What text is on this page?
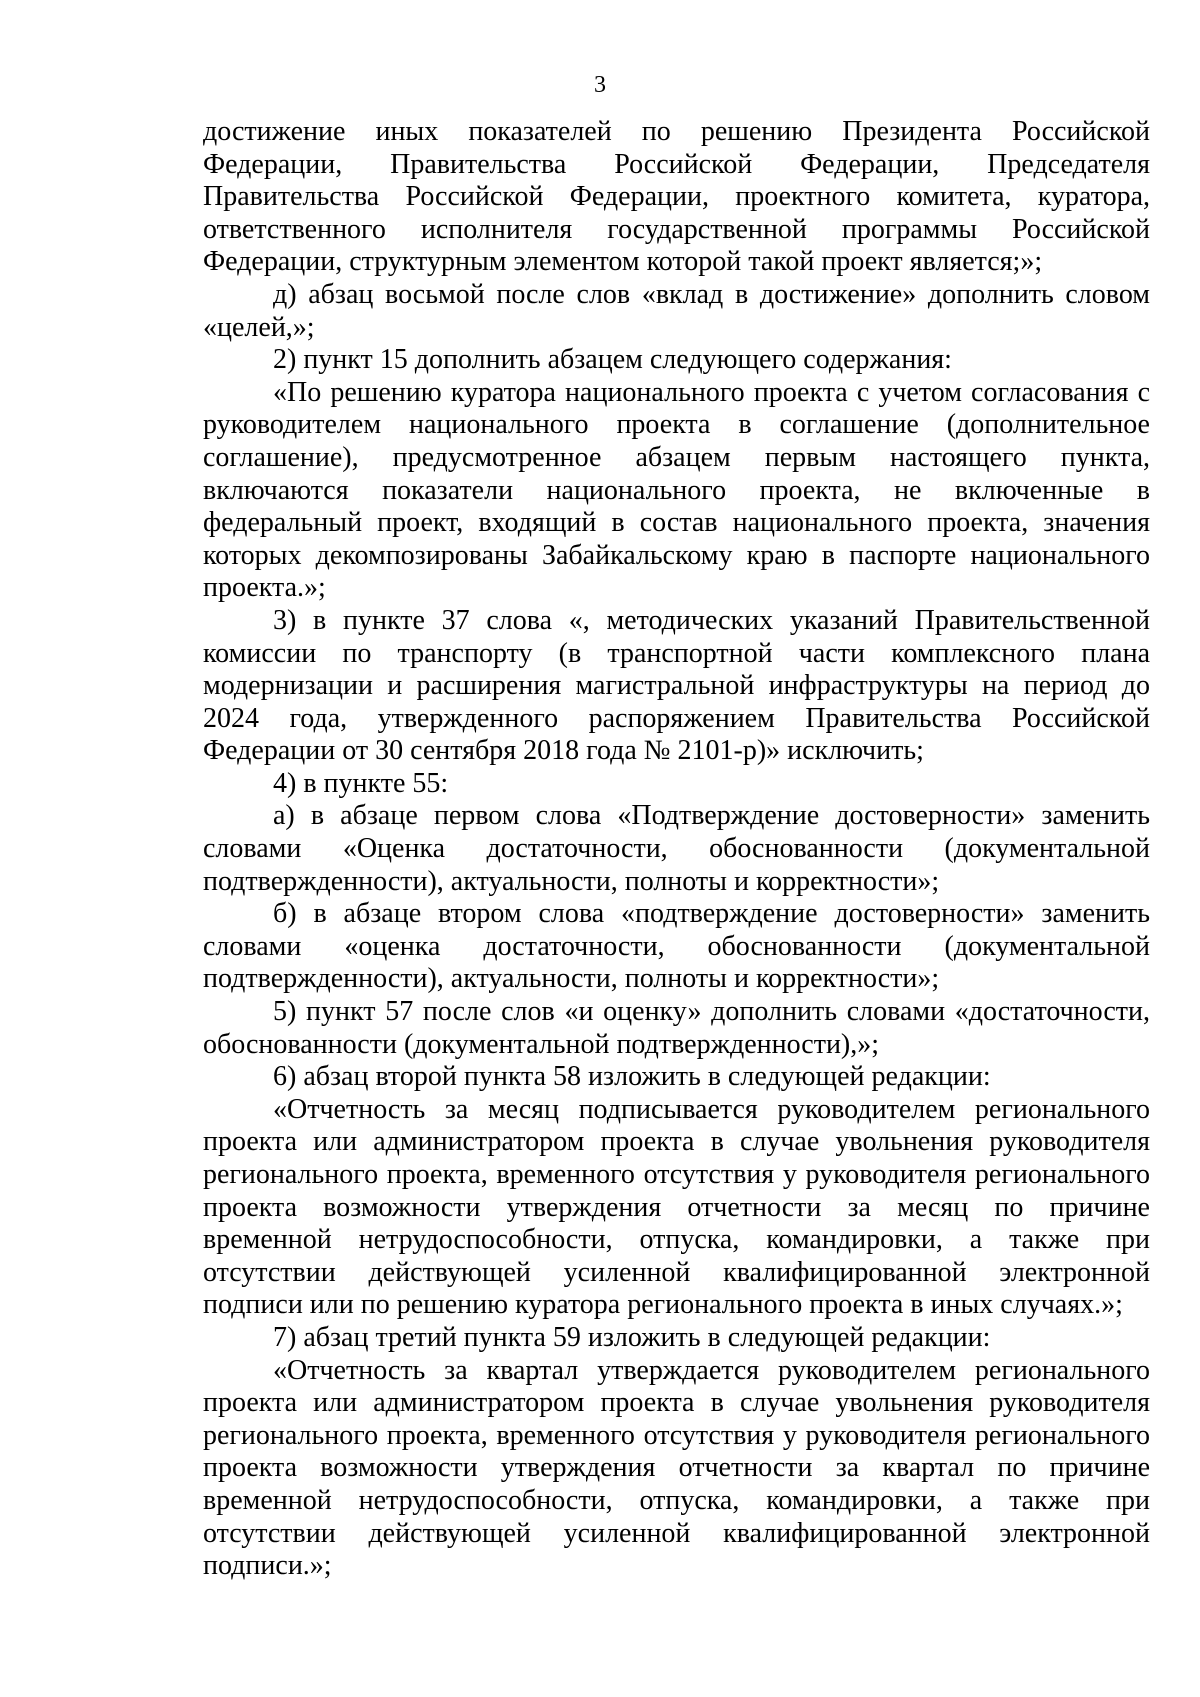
3

достижение иных показателей по решению Президента Российской Федерации, Правительства Российской Федерации, Председателя Правительства Российской Федерации, проектного комитета, куратора, ответственного исполнителя государственной программы Российской Федерации, структурным элементом которой такой проект является;»;

д) абзац восьмой после слов «вклад в достижение» дополнить словом «целей,»;

2) пункт 15 дополнить абзацем следующего содержания:

«По решению куратора национального проекта с учетом согласования с руководителем национального проекта в соглашение (дополнительное соглашение), предусмотренное абзацем первым настоящего пункта, включаются показатели национального проекта, не включенные в федеральный проект, входящий в состав национального проекта, значения которых декомпозированы Забайкальскому краю в паспорте национального проекта.»;

3) в пункте 37 слова «, методических указаний Правительственной комиссии по транспорту (в транспортной части комплексного плана модернизации и расширения магистральной инфраструктуры на период до 2024 года, утвержденного распоряжением Правительства Российской Федерации от 30 сентября 2018 года № 2101-р)» исключить;

4) в пункте 55:

а) в абзаце первом слова «Подтверждение достоверности» заменить словами «Оценка достаточности, обоснованности (документальной подтвержденности), актуальности, полноты и корректности»;

б) в абзаце втором слова «подтверждение достоверности» заменить словами «оценка достаточности, обоснованности (документальной подтвержденности), актуальности, полноты и корректности»;

5) пункт 57 после слов «и оценку» дополнить словами «достаточности, обоснованности (документальной подтвержденности),»;

6) абзац второй пункта 58 изложить в следующей редакции:

«Отчетность за месяц подписывается руководителем регионального проекта или администратором проекта в случае увольнения руководителя регионального проекта, временного отсутствия у руководителя регионального проекта возможности утверждения отчетности за месяц по причине временной нетрудоспособности, отпуска, командировки, а также при отсутствии действующей усиленной квалифицированной электронной подписи или по решению куратора регионального проекта в иных случаях.»;

7) абзац третий пункта 59 изложить в следующей редакции:

«Отчетность за квартал утверждается руководителем регионального проекта или администратором проекта в случае увольнения руководителя регионального проекта, временного отсутствия у руководителя регионального проекта возможности утверждения отчетности за квартал по причине временной нетрудоспособности, отпуска, командировки, а также при отсутствии действующей усиленной квалифицированной электронной подписи.»;
